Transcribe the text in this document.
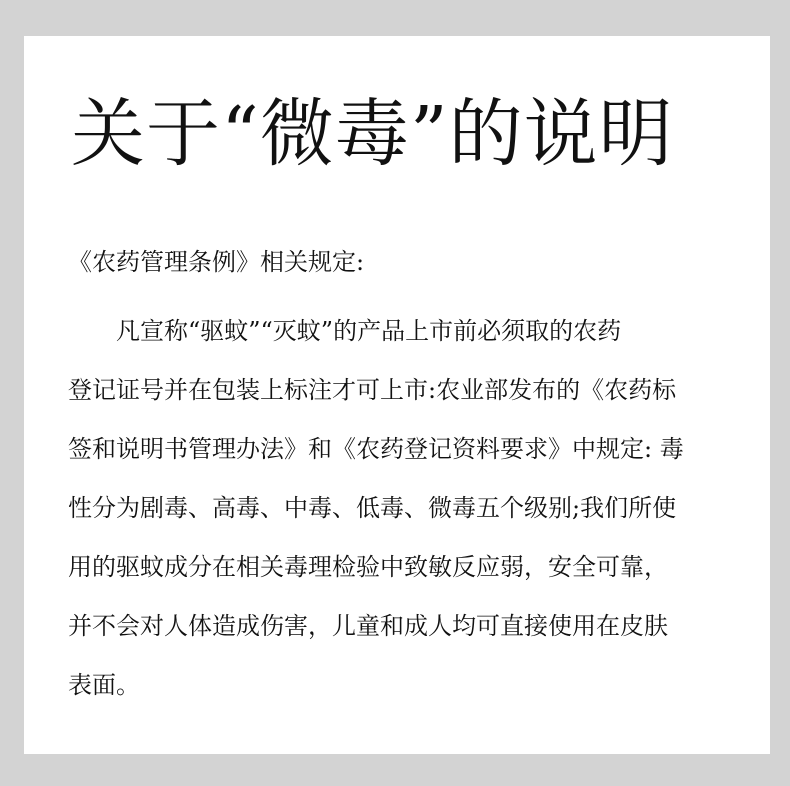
关于“微毒”的说明

《农药管理条例》相关规定:

　　凡宣称“驱蚊”“灭蚊”的产品上市前必须取的农药

登记证号并在包装上标注才可上市:农业部发布的《农药标

签和说明书管理办法》和《农药登记资料要求》中规定: 毒

性分为剧毒、高毒、中毒、低毒、微毒五个级别;我们所使

用的驱蚊成分在相关毒理检验中致敏反应弱，安全可靠，

并不会对人体造成伤害，儿童和成人均可直接使用在皮肤

表面。
